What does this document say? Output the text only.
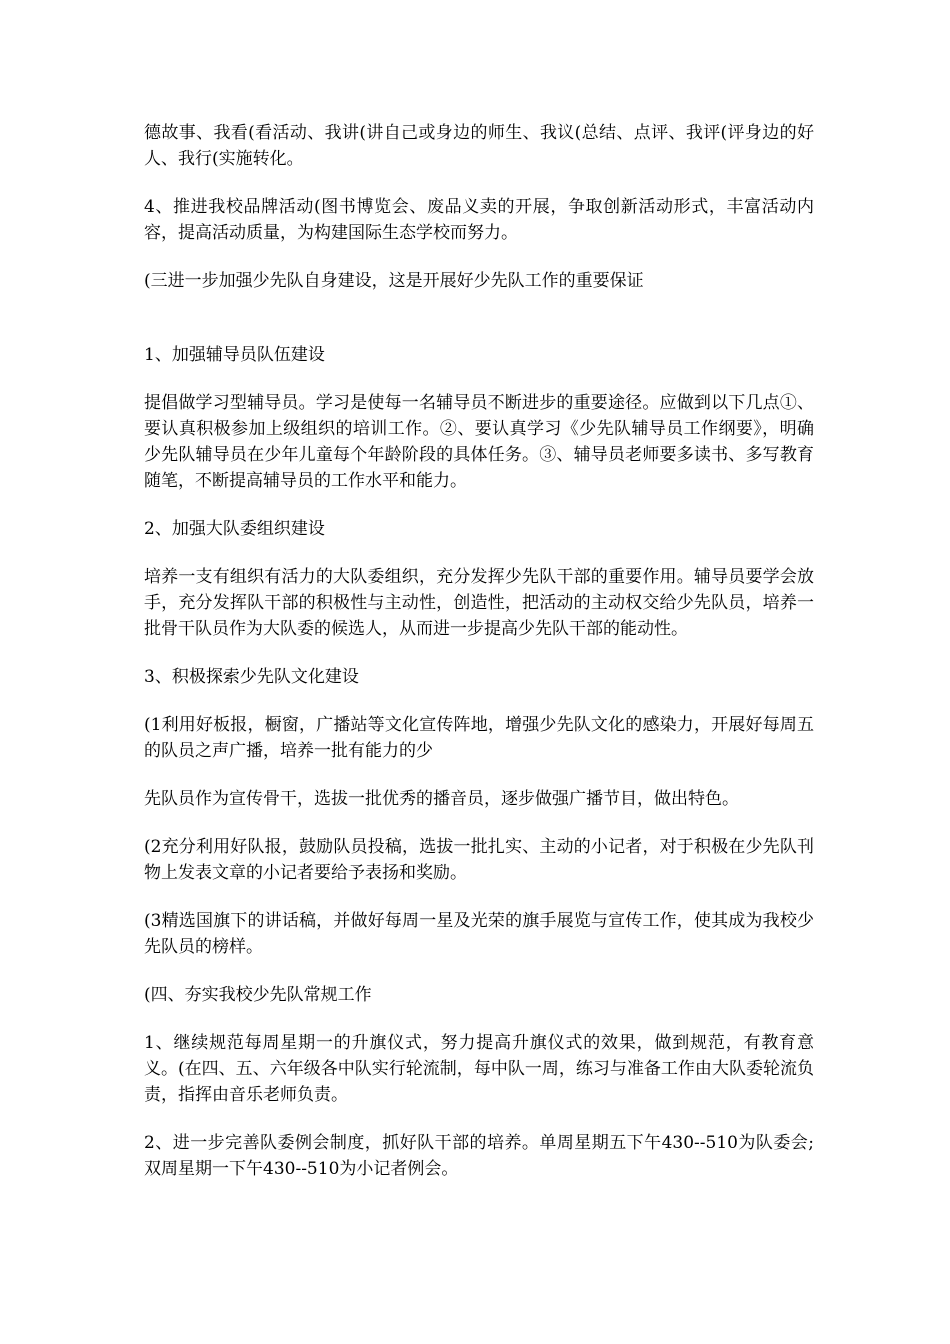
德故事、我看(看活动、我讲(讲自己或身边的师生、我议(总结、点评、我评(评身边的好人、我行(实施转化。

4、推进我校品牌活动(图书博览会、废品义卖的开展，争取创新活动形式，丰富活动内容，提高活动质量，为构建国际生态学校而努力。

(三进一步加强少先队自身建设，这是开展好少先队工作的重要保证

1、加强辅导员队伍建设

提倡做学习型辅导员。学习是使每一名辅导员不断进步的重要途径。应做到以下几点①、要认真积极参加上级组织的培训工作。②、要认真学习《少先队辅导员工作纲要》，明确少先队辅导员在少年儿童每个年龄阶段的具体任务。③、辅导员老师要多读书、多写教育随笔，不断提高辅导员的工作水平和能力。

2、加强大队委组织建设

培养一支有组织有活力的大队委组织，充分发挥少先队干部的重要作用。辅导员要学会放手，充分发挥队干部的积极性与主动性，创造性，把活动的主动权交给少先队员，培养一批骨干队员作为大队委的候选人，从而进一步提高少先队干部的能动性。

3、积极探索少先队文化建设

(1利用好板报，橱窗，广播站等文化宣传阵地，增强少先队文化的感染力，开展好每周五的队员之声广播，培养一批有能力的少

先队员作为宣传骨干，选拔一批优秀的播音员，逐步做强广播节目，做出特色。

(2充分利用好队报，鼓励队员投稿，选拔一批扎实、主动的小记者，对于积极在少先队刊物上发表文章的小记者要给予表扬和奖励。

(3精选国旗下的讲话稿，并做好每周一星及光荣的旗手展览与宣传工作，使其成为我校少先队员的榜样。

(四、夯实我校少先队常规工作

1、继续规范每周星期一的升旗仪式，努力提高升旗仪式的效果，做到规范，有教育意义。(在四、五、六年级各中队实行轮流制，每中队一周，练习与准备工作由大队委轮流负责，指挥由音乐老师负责。

2、进一步完善队委例会制度，抓好队干部的培养。单周星期五下午430--510为队委会;双周星期一下午430--510为小记者例会。
